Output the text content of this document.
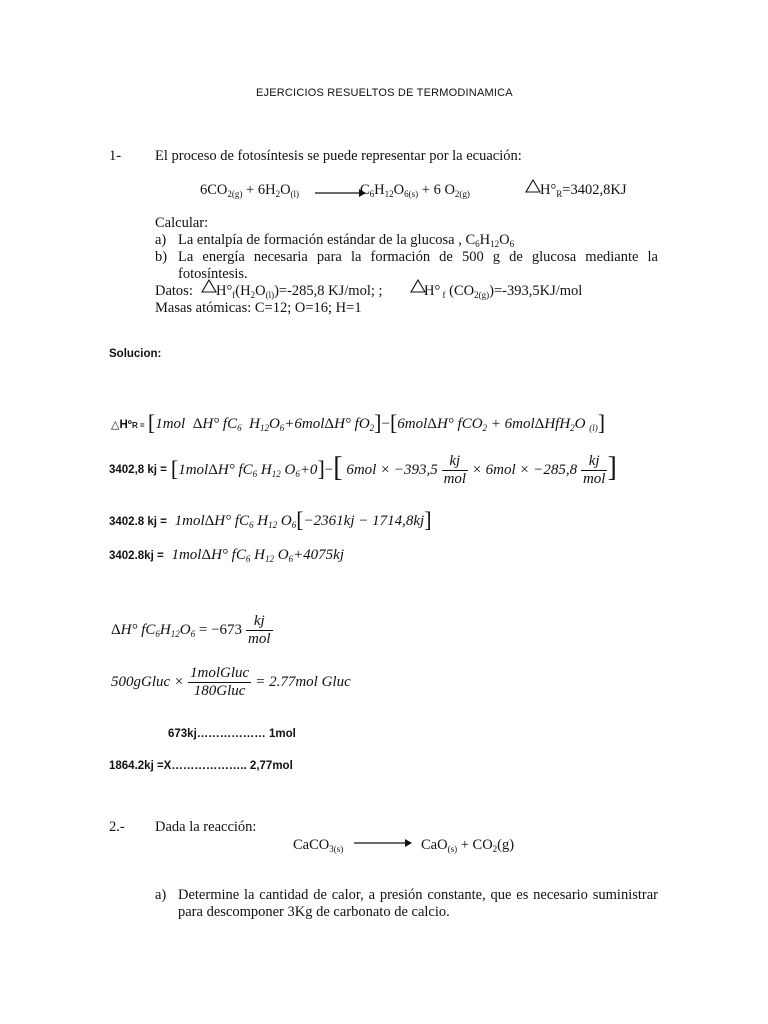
EJERCICIOS RESUELTOS DE TERMODINAMICA
1- El proceso de fotosíntesis se puede representar por la ecuación:
$6CO_{2(g)} + 6H_2O_{(l)}$ →
$C_6H_{12}O_{6(s)} + 6$ $O_{2(g)}$	$H^\circ_R=3402,8KJ$
Calcular:
a) La entalpía de formación estándar de la glucosa , $C_6H_{12}O_6$
b) La energía necesaria para la formación de 500 g de glucosa mediante la fotosíntesis.
Datos: $H^\circ_f(H_2O_{(l)})=-285,8$ KJ/mol; ;	H° $_f$ $(CO_{2(g)})=-393,5KJ$/mol
Masas atómicas: C=12; O=16; H=1
Solucion:
△HºR = [1mol ΔH° $fC_6$ $H_{12}O_6+6mol\Delta H^\circ$ $fO_2]-[6mol\Delta H^\circ$ fCO$_2$ + 6molΔHfH$_2$O $_{(l)}$]
3402,8 kj = [1molΔH° $fC_6$ $H_{12}$ $O_6+0]-$[ $6mol \times -393,5 \frac{kj}{\text{mol}} \times 6mol \times -285,8 \frac{kj}{\text{mol}}$ ]
3402.8 kj = 1molΔH° $fC_6$ $H_{12}$ $O_6[-2361kj - 1714,8kj]$
3402.8kj = 1molΔH° $fC_6$ $H_{12}$ $O_6+4075kj$
ΔH° $fC_6H_{12}O_6 = -673 \frac{kj}{\text{mol}}$
500gGluc × $\frac{\text{1molGluc}}{\text{180Gluc}} = 2.77mol$ Gluc
673kj……………… 1mol
1864.2kj =X……………….. 2,77mol
2.- Dada la reacción:
CaCO$_{3(s)}$ → $CaO_{(s)} + CO_2(g)$
a) Determine la cantidad de calor, a presión constante, que es necesario suministrar para descomponer 3Kg de carbonato de calcio.
